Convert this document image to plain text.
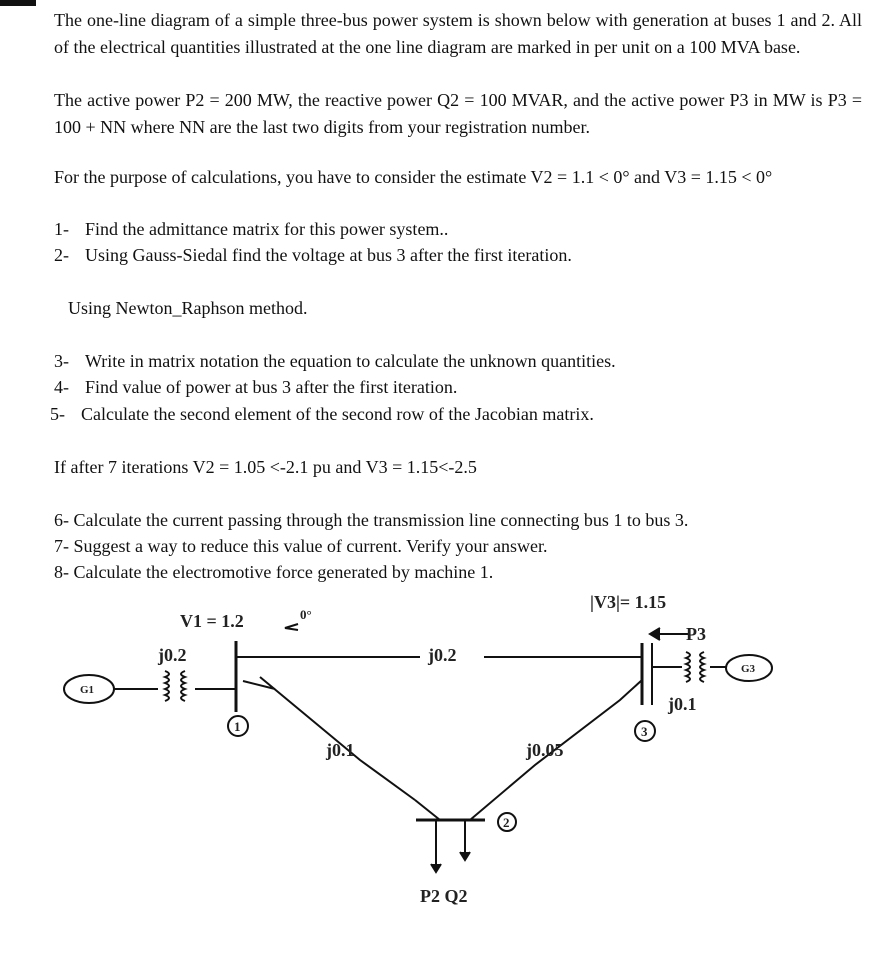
The one-line diagram of a simple three-bus power system is shown below with generation at buses 1 and 2. All of the electrical quantities illustrated at the one line diagram are marked in per unit on a 100 MVA base.
The active power P2 = 200 MW, the reactive power Q2 = 100 MVAR, and the active power P3 in MW is P3 = 100 + NN where NN are the last two digits from your registration number.
For the purpose of calculations, you have to consider the estimate V2 = 1.1 < 0° and V3 = 1.15 < 0°
1- Find the admittance matrix for this power system..
2- Using Gauss-Siedal find the voltage at bus 3 after the first iteration.
Using Newton_Raphson method.
3- Write in matrix notation the equation to calculate the unknown quantities.
4- Find value of power at bus 3 after the first iteration.
5- Calculate the second element of the second row of the Jacobian matrix.
If after 7 iterations V2 = 1.05 <-2.1 pu and V3 = 1.15<-2.5
6- Calculate the current passing through the transmission line connecting bus 1 to bus 3.
7- Suggest a way to reduce this value of current. Verify your answer.
8- Calculate the electromotive force generated by machine 1.
V1 = 1.2	0°
|V3|= 1.15
P3
G1
G3
j0.2	j0.2
j0.1
j0.1	j0.05
1
2
3
P2 Q2
